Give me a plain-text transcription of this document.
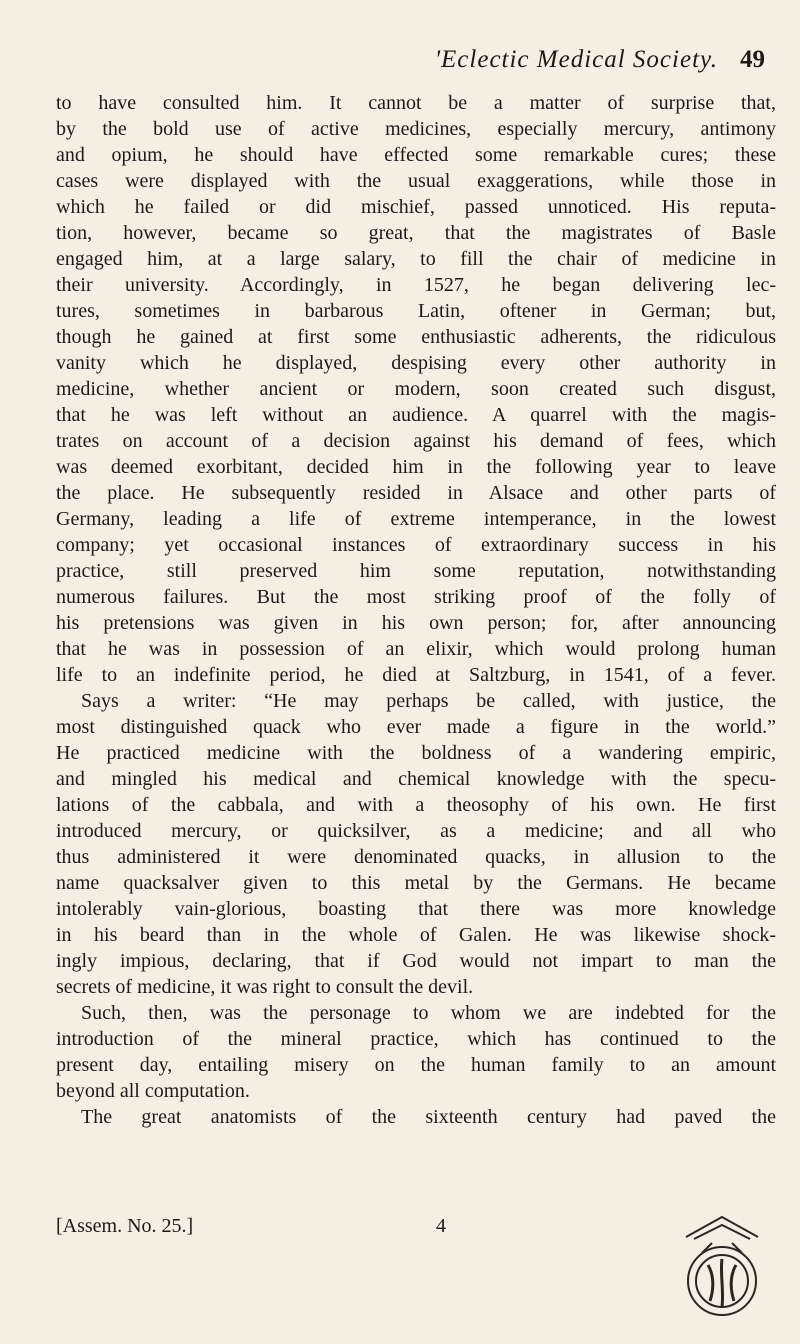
'Eclectic Medical Society. 49
to have consulted him. It cannot be a matter of surprise that,
by the bold use of active medicines, especially mercury, antimony
and opium, he should have effected some remarkable cures; these
cases were displayed with the usual exaggerations, while those in
which he failed or did mischief, passed unnoticed. His reputa-
tion, however, became so great, that the magistrates of Basle
engaged him, at a large salary, to fill the chair of medicine in
their university. Accordingly, in 1527, he began delivering lec-
tures, sometimes in barbarous Latin, oftener in German; but,
though he gained at first some enthusiastic adherents, the ridiculous
vanity which he displayed, despising every other authority in
medicine, whether ancient or modern, soon created such disgust,
that he was left without an audience. A quarrel with the magis-
trates on account of a decision against his demand of fees, which
was deemed exorbitant, decided him in the following year to leave
the place. He subsequently resided in Alsace and other parts of
Germany, leading a life of extreme intemperance, in the lowest
company; yet occasional instances of extraordinary success in his
practice, still preserved him some reputation, notwithstanding
numerous failures. But the most striking proof of the folly of
his pretensions was given in his own person; for, after announcing
that he was in possession of an elixir, which would prolong human
life to an indefinite period, he died at Saltzburg, in 1541, of a fever.
Says a writer: “He may perhaps be called, with justice, the
most distinguished quack who ever made a figure in the world.”
He practiced medicine with the boldness of a wandering empiric,
and mingled his medical and chemical knowledge with the specu-
lations of the cabbala, and with a theosophy of his own. He first
introduced mercury, or quicksilver, as a medicine; and all who
thus administered it were denominated quacks, in allusion to the
name quacksalver given to this metal by the Germans. He became
intolerably vain-glorious, boasting that there was more knowledge
in his beard than in the whole of Galen. He was likewise shock-
ingly impious, declaring, that if God would not impart to man the
secrets of medicine, it was right to consult the devil.
Such, then, was the personage to whom we are indebted for the
introduction of the mineral practice, which has continued to the
present day, entailing misery on the human family to an amount
beyond all computation.
The great anatomists of the sixteenth century had paved the
[Assem. No. 25.]	4
